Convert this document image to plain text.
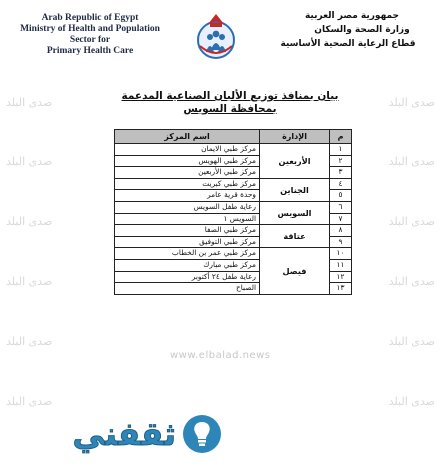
Arab Republic of Egypt
Ministry of Health and Population
Sector for
Primary Health Care
جمهورية مصر العربية
وزارة الصحة والسكان
قطاع الرعاية الصحية الأساسية
صدى البلد
صدى البلد
صدى البلد
صدى البلد
صدى البلد
صدى البلد
صدى البلد
صدى البلد
صدى البلد
صدى البلد
صدى البلد
صدى البلد
بيان بمنافذ توزيع الألبان الصناعية المدعمة
بمحافظة السويس
م	الإدارة	اسم المركز
١	الأربعين	مركز طبي الايمان
٢		مركز طبي الهويس
٣		مركز طبي الأربعين
٤	الجناين	مركز طبي كبريت
٥		وحدة قرية عامر
٦	السويس	رعاية طفل السويس
٧		السويس ١
٨	عتاقة	مركز طبي الصفا
٩		مركز طبي التوفيق
١٠	فيصل	مركز طبي عمر بن الخطاب
١١		مركز طبي مبارك
١٢		رعاية طفل ٢٤ أكتوبر
١٣		الصباح
www.elbalad.news
ثقفني
